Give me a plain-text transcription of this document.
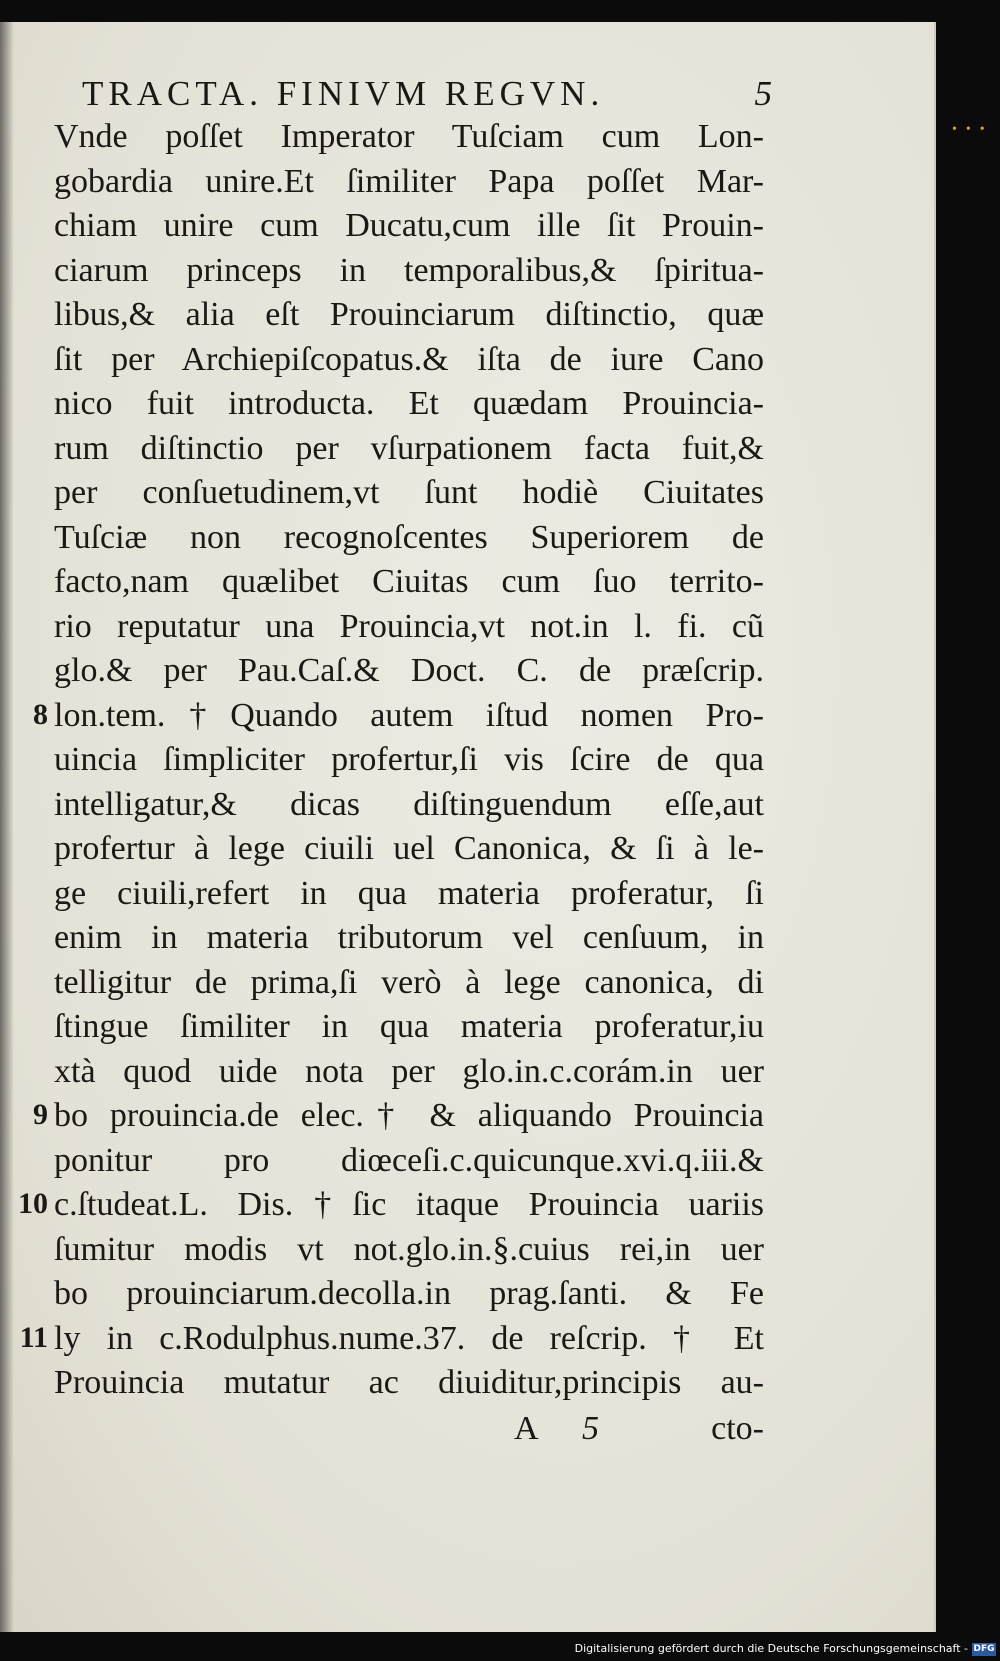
•••
TRACTA. FINIVM REGVN.	5
Vnde poſſet Imperator Tuſciam cum Lon-
gobardia unire.Et ſimiliter Papa poſſet Mar-
chiam unire cum Ducatu,cum ille ſit Prouin-
ciarum princeps in temporalibus,& ſpiritua-
libus,& alia eſt Prouinciarum diſtinctio, quæ
ſit per Archiepiſcopatus.& iſta de iure Cano
nico fuit introducta. Et quædam Prouincia-
rum diſtinctio per vſurpationem facta fuit,&
per conſuetudinem,vt ſunt hodiè Ciuitates
Tuſciæ non recognoſcentes Superiorem de
facto,nam quælibet Ciuitas cum ſuo territo-
rio reputatur una Prouincia,vt not.in l. fi. cũ
glo.& per Pau.Caſ.& Doct. C. de præſcrip.
lon.tem.†Quando autem iſtud nomen Pro-
uincia ſimpliciter profertur,ſi vis ſcire de qua
intelligatur,& dicas diſtinguendum eſſe,aut
profertur à lege ciuili uel Canonica, & ſi à le-
ge ciuili,refert in qua materia proferatur, ſi
enim in materia tributorum vel cenſuum, in
telligitur de prima,ſi verò à lege canonica, di
ſtingue ſimiliter in qua materia proferatur,iu
xtà quod uide nota per glo.in.c.corám.in uer
bo prouincia.de elec.† & aliquando Prouincia
ponitur pro diœceſi.c.quicunque.xvi.q.iii.&
c.ſtudeat.L. Dis.†ſic itaque Prouincia uariis
ſumitur modis vt not.glo.in.§.cuius rei,in uer
bo prouinciarum.decolla.in prag.ſanti. & Fe
ly in c.Rodulphus.nume.37. de reſcrip. † Et
Prouincia mutatur ac diuiditur,principis au-
8
9
10
11
A 5	cto-
Digitalisierung gefördert durch die Deutsche Forschungsgemeinschaft - DFG
